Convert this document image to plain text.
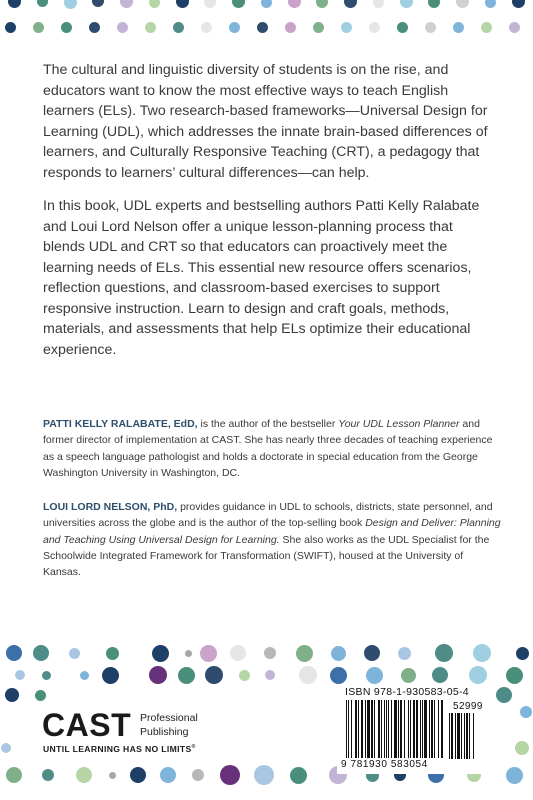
The cultural and linguistic diversity of students is on the rise, and educators want to know the most effective ways to teach English learners (ELs). Two research-based frameworks—Universal Design for Learning (UDL), which addresses the innate brain-based differences of learners, and Culturally Responsive Teaching (CRT), a pedagogy that responds to learners’ cultural differences—can help.

In this book, UDL experts and bestselling authors Patti Kelly Ralabate and Loui Lord Nelson offer a unique lesson-planning process that blends UDL and CRT so that educators can proactively meet the learning needs of ELs. This essential new resource offers scenarios, reflection questions, and classroom-based exercises to support responsive instruction. Learn to design and craft goals, methods, materials, and assessments that help ELs optimize their educational experience.

PATTI KELLY RALABATE, EdD, is the author of the bestseller Your UDL Lesson Planner and former director of implementation at CAST. She has nearly three decades of teaching experience as a speech language pathologist and holds a doctorate in special education from the George Washington University in Washington, DC.

LOUI LORD NELSON, PhD, provides guidance in UDL to schools, districts, state personnel, and universities across the globe and is the author of the top-selling book Design and Deliver: Planning and Teaching Using Universal Design for Learning. She also works as the UDL Specialist for the Schoolwide Integrated Framework for Transformation (SWIFT), housed at the University of Kansas.

CAST Professional
Publishing
UNTIL LEARNING HAS NO LIMITS®
ISBN 978-1-930583-05-4
52999
9 781930 583054
